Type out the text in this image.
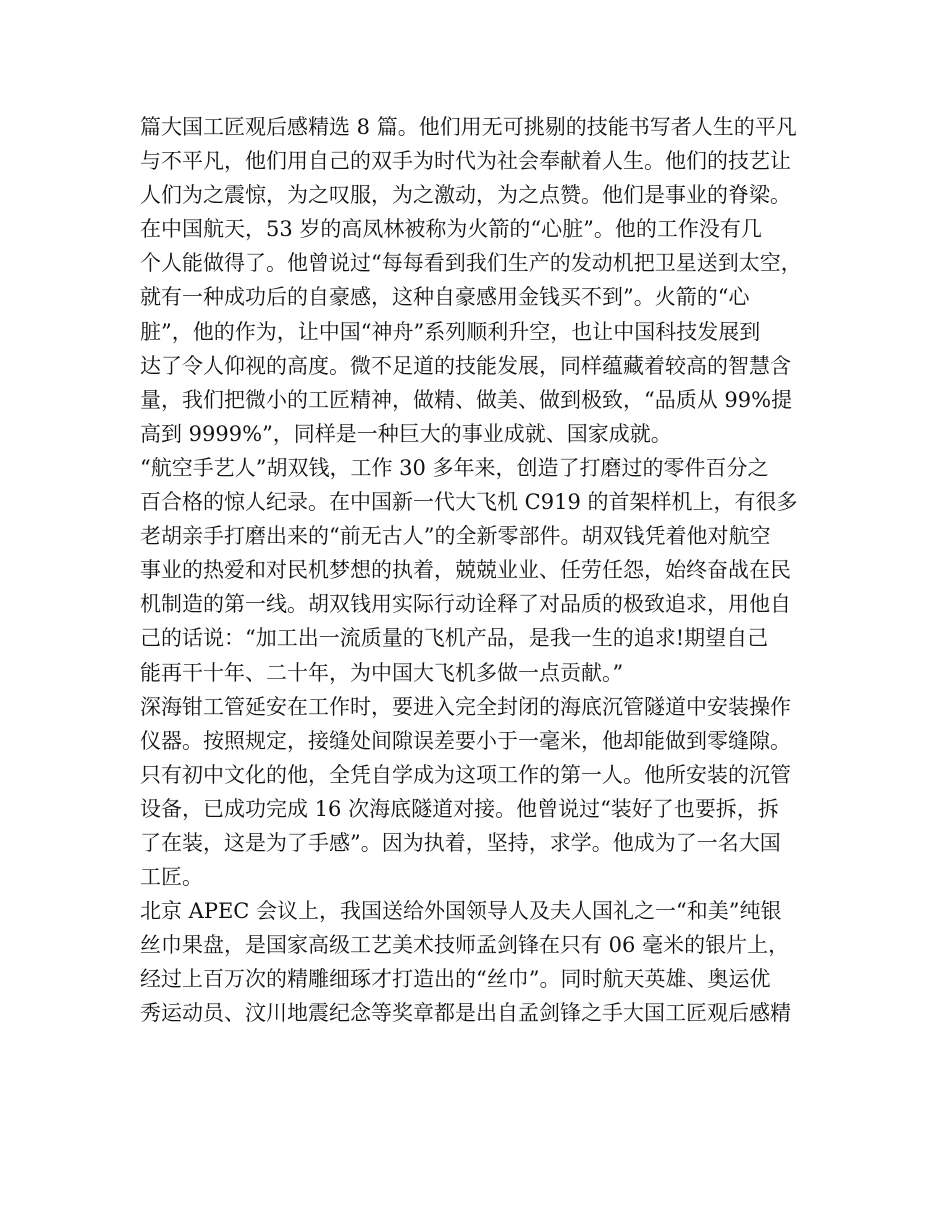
篇大国工匠观后感精选 8 篇。他们用无可挑剔的技能书写者人生的平凡
与不平凡，他们用自己的双手为时代为社会奉献着人生。他们的技艺让
人们为之震惊，为之叹服，为之激动，为之点赞。他们是事业的脊梁。
在中国航天，53 岁的高凤林被称为火箭的“心脏”。他的工作没有几
个人能做得了。他曾说过“每每看到我们生产的发动机把卫星送到太空，
就有一种成功后的自豪感，这种自豪感用金钱买不到”。火箭的“心
脏”，他的作为，让中国“神舟”系列顺利升空，也让中国科技发展到
达了令人仰视的高度。微不足道的技能发展，同样蕴藏着较高的智慧含
量，我们把微小的工匠精神，做精、做美、做到极致，“品质从 99%提
高到 9999%”，同样是一种巨大的事业成就、国家成就。
“航空手艺人”胡双钱，工作 30 多年来，创造了打磨过的零件百分之
百合格的惊人纪录。在中国新一代大飞机 C919 的首架样机上，有很多
老胡亲手打磨出来的“前无古人”的全新零部件。胡双钱凭着他对航空
事业的热爱和对民机梦想的执着，兢兢业业、任劳任怨，始终奋战在民
机制造的第一线。胡双钱用实际行动诠释了对品质的极致追求，用他自
己的话说：“加工出一流质量的飞机产品，是我一生的追求!期望自己
能再干十年、二十年，为中国大飞机多做一点贡献。”
深海钳工管延安在工作时，要进入完全封闭的海底沉管隧道中安装操作
仪器。按照规定，接缝处间隙误差要小于一毫米，他却能做到零缝隙。
只有初中文化的他，全凭自学成为这项工作的第一人。他所安装的沉管
设备，已成功完成 16 次海底隧道对接。他曾说过“装好了也要拆，拆
了在装，这是为了手感”。因为执着，坚持，求学。他成为了一名大国
工匠。
北京 APEC 会议上，我国送给外国领导人及夫人国礼之一“和美”纯银
丝巾果盘，是国家高级工艺美术技师孟剑锋在只有 06 毫米的银片上，
经过上百万次的精雕细琢才打造出的“丝巾”。同时航天英雄、奥运优
秀运动员、汶川地震纪念等奖章都是出自孟剑锋之手大国工匠观后感精
